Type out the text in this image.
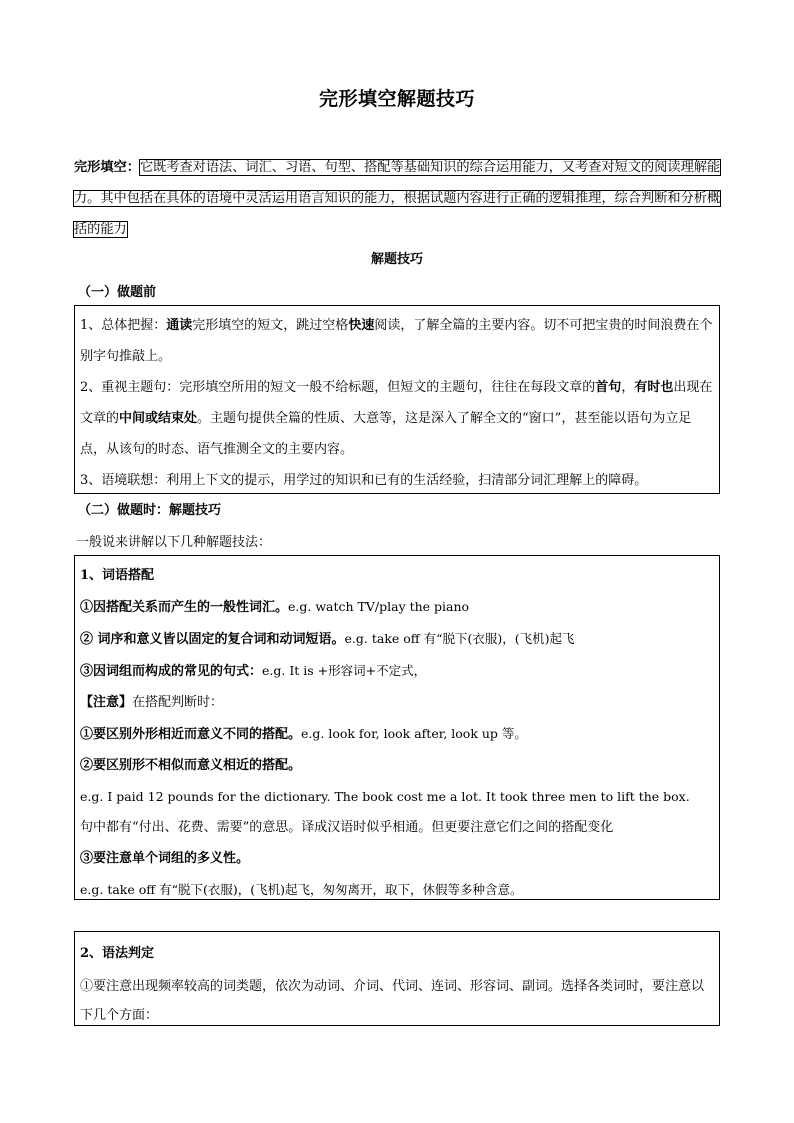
完形填空解题技巧
完形填空：它既考查对语法、词汇、习语、句型、搭配等基础知识的综合运用能力，又考查对短文的阅读理解能力。其中包括在具体的语境中灵活运用语言知识的能力，根据试题内容进行正确的逻辑推理，综合判断和分析概括的能力
解题技巧
（一）做题前

1、总体把握：通读完形填空的短文，跳过空格快速阅读，了解全篇的主要内容。切不可把宝贵的时间浪费在个别字句推敲上。

2、重视主题句：完形填空所用的短文一般不给标题，但短文的主题句，往往在每段文章的首句，有时也出现在文章的中间或结束处。主题句提供全篇的性质、大意等，这是深入了解全文的“窗口”，甚至能以语句为立足点，从该句的时态、语气推测全文的主要内容。

3、语境联想：利用上下文的提示，用学过的知识和已有的生活经验，扫清部分词汇理解上的障碍。

（二）做题时：解题技巧
一般说来讲解以下几种解题技法：

1、词语搭配

①因搭配关系而产生的一般性词汇。e.g. watch TV/play the piano

② 词序和意义皆以固定的复合词和动词短语。e.g. take off 有“脱下(衣服)，(飞机)起飞

③因词组而构成的常见的句式：e.g. It is +形容词+不定式，

【注意】在搭配判断时：

①要区别外形相近而意义不同的搭配。e.g. look for, look after, look up 等。

②要区别形不相似而意义相近的搭配。

e.g. I paid 12 pounds for the dictionary. The book cost me a lot. It took three men to lift the box.

句中都有“付出、花费、需要”的意思。译成汉语时似乎相通。但更要注意它们之间的搭配变化

③要注意单个词组的多义性。

e.g. take off 有“脱下(衣服)，(飞机)起飞，匆匆离开，取下，休假等多种含意。

2、语法判定

①要注意出现频率较高的词类题，依次为动词、介词、代词、连词、形容词、副词。选择各类词时，要注意以下几个方面：
